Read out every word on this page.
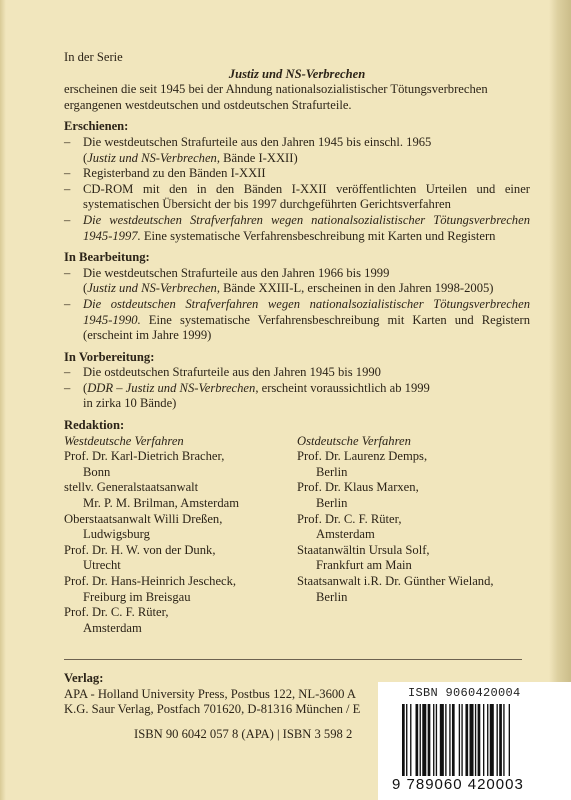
In der Serie

Justiz und NS-Verbrechen

erscheinen die seit 1945 bei der Ahndung nationalsozialistischer Tötungsverbrechen ergangenen westdeutschen und ostdeutschen Strafurteile.

Erschienen:
– Die westdeutschen Strafurteile aus den Jahren 1945 bis einschl. 1965
(Justiz und NS-Verbrechen, Bände I-XXII)
– Registerband zu den Bänden I-XXII
– CD-ROM mit den in den Bänden I-XXII veröffentlichten Urteilen und einer systematischen Übersicht der bis 1997 durchgeführten Gerichtsverfahren
– Die westdeutschen Strafverfahren wegen nationalsozialistischer Tötungsverbrechen 1945-1997. Eine systematische Verfahrensbeschreibung mit Karten und Registern
In Bearbeitung:
– Die westdeutschen Strafurteile aus den Jahren 1966 bis 1999
(Justiz und NS-Verbrechen, Bände XXIII-L, erscheinen in den Jahren 1998-2005)
– Die ostdeutschen Strafverfahren wegen nationalsozialistischer Tötungsverbrechen 1945-1990. Eine systematische Verfahrensbeschreibung mit Karten und Registern (erscheint im Jahre 1999)
In Vorbereitung:
– Die ostdeutschen Strafurteile aus den Jahren 1945 bis 1990
– (DDR – Justiz und NS-Verbrechen, erscheint voraussichtlich ab 1999 in zirka 10 Bände)
Redaktion:
Westdeutsche Verfahren
Prof. Dr. Karl-Dietrich Bracher,
Bonn
stellv. Generalstaatsanwalt
Mr. P. M. Brilman, Amsterdam
Oberstaatsanwalt Willi Dreßen,
Ludwigsburg
Prof. Dr. H. W. von der Dunk,
Utrecht
Prof. Dr. Hans-Heinrich Jescheck,
Freiburg im Breisgau
Prof. Dr. C. F. Rüter,
Amsterdam
Ostdeutsche Verfahren
Prof. Dr. Laurenz Demps,
Berlin
Prof. Dr. Klaus Marxen,
Berlin
Prof. Dr. C. F. Rüter,
Amsterdam
Staatanwältin Ursula Solf,
Frankfurt am Main
Staatsanwalt i.R. Dr. Günther Wieland,
Berlin
Verlag:
APA - Holland University Press, Postbus 122, NL-3600 A
K.G. Saur Verlag, Postfach 701620, D-81316 München / E
ISBN 90 6042 057 8 (APA) | ISBN 3 598 2
ISBN 9060420004
9 789060 420003
